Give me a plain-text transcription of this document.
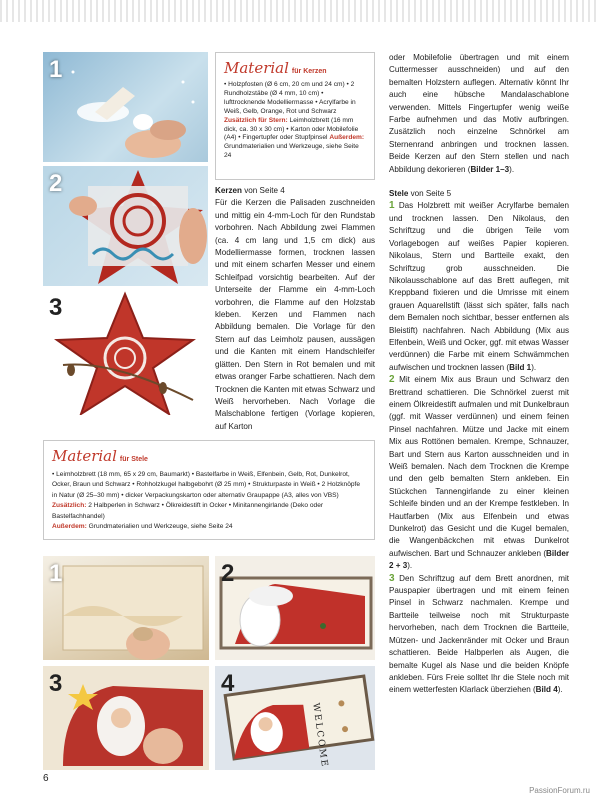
1
2
3
Material für Kerzen
• Holzpfosten (Ø 6 cm, 20 cm und 24 cm) • 2 Rundholzstäbe (Ø 4 mm, 10 cm) • lufttrocknende Modelliermasse • Acrylfarbe in Weiß, Gelb, Orange, Rot und Schwarz Zusätzlich für Stern: Leimholzbrett (16 mm dick, ca. 30 x 30 cm) • Karton oder Mobilefolie (A4) • Fingertupfer oder Stupfpinsel Außerdem: Grundmaterialien und Werkzeuge, siehe Seite 24

Kerzen von Seite 4

Für die Kerzen die Palisaden zuschneiden und mittig ein 4-mm-Loch für den Rundstab vorbohren. Nach Abbildung zwei Flammen (ca. 4 cm lang und 1,5 cm dick) aus Modelliermasse formen, trocknen lassen und mit einem scharfen Messer und einem Schleifpad vorsichtig bearbeiten. Auf der Unterseite der Flamme ein 4-mm-Loch vorbohren, die Flamme auf den Holzstab kleben. Kerzen und Flammen nach Abbildung bemalen. Die Vorlage für den Stern auf das Leimholz pausen, aussägen und die Kanten mit einem Handschleifer glätten. Den Stern in Rot bemalen und mit etwas oranger Farbe schattieren. Nach dem Trocknen die Kanten mit etwas Schwarz und Weiß hervorheben. Nach Vorlage die Malschablone fertigen (Vorlage kopieren, auf Karton

Material für Stele
• Leimholzbrett (18 mm, 65 x 29 cm, Baumarkt) • Bastelfarbe in Weiß, Elfenbein, Gelb, Rot, Dunkelrot, Ocker, Braun und Schwarz • Rohholzkugel halbgebohrt (Ø 25 mm) • Strukturpaste in Weiß • 2 Holzknöpfe in Natur (Ø 25–30 mm) • dicker Verpackungskarton oder alternativ Graupappe (A3, alles von VBS)
Zusätzlich: 2 Halbperlen in Schwarz • Ölkreidestift in Ocker • Minitannengirlande (Deko oder Bastelfachhandel)
Außerdem: Grundmaterialien und Werkzeuge, siehe Seite 24
1	2
3
WELCOME
4

oder Mobilefolie übertragen und mit einem Cuttermesser ausschneiden) und auf den bemalten Holzstern auflegen. Alternativ könnt Ihr auch eine hübsche Mandalaschablone verwenden. Mittels Fingertupfer wenig weiße Farbe aufnehmen und das Motiv aufbringen. Zusätzlich noch einzelne Schnörkel am Sternenrand anbringen und trocknen lassen. Beide Kerzen auf den Stern stellen und nach Abbildung dekorieren (Bilder 1–3).

Stele von Seite 5

1 Das Holzbrett mit weißer Acrylfarbe bemalen und trocknen lassen. Den Nikolaus, den Schriftzug und die übrigen Teile vom Vorlagebogen auf weißes Papier kopieren. Nikolaus, Stern und Bartteile exakt, den Schriftzug grob ausschneiden. Die Nikolausschablone auf das Brett auflegen, mit Kreppband fixieren und die Umrisse mit einem grauen Aquarellstift (lässt sich später, falls nach dem Bemalen noch sichtbar, besser entfernen als Bleistift) nachfahren. Nach Abbildung (Mix aus Elfenbein, Weiß und Ocker, ggf. mit etwas Wasser verdünnen) die Farbe mit einem Schwämmchen aufwischen und trocknen lassen (Bild 1).

2 Mit einem Mix aus Braun und Schwarz den Brettrand schattieren. Die Schnörkel zuerst mit einem Ölkreidestift aufmalen und mit Dunkelbraun (ggf. mit Wasser verdünnen) und einem feinen Pinsel nachfahren. Mütze und Jacke mit einem Mix aus Rottönen bemalen. Krempe, Schnauzer, Bart und Stern aus Karton ausschneiden und in Weiß bemalen. Nach dem Trocknen die Krempe und den gelb bemalten Stern ankleben. Ein Stückchen Tannengirlande zu einer kleinen Schleife binden und an der Krempe festkleben. In Hautfarben (Mix aus Elfenbein und etwas Dunkelrot) das Gesicht und die Kugel bemalen, die Wangenbäckchen mit etwas Dunkelrot aufwischen. Bart und Schnauzer ankleben (Bilder 2 + 3).

3 Den Schriftzug auf dem Brett anordnen, mit Pauspapier übertragen und mit einem feinen Pinsel in Schwarz nachmalen. Krempe und Bartteile teilweise noch mit Strukturpaste hervorheben, nach dem Trocknen die Bartteile, Mützen- und Jackenränder mit Ocker und Braun schattieren. Beide Halbperlen als Augen, die bemalte Kugel als Nase und die beiden Knöpfe ankleben. Fürs Freie solltet Ihr die Stele noch mit einem wetterfesten Klarlack überziehen (Bild 4).

6
PassionForum.ru
